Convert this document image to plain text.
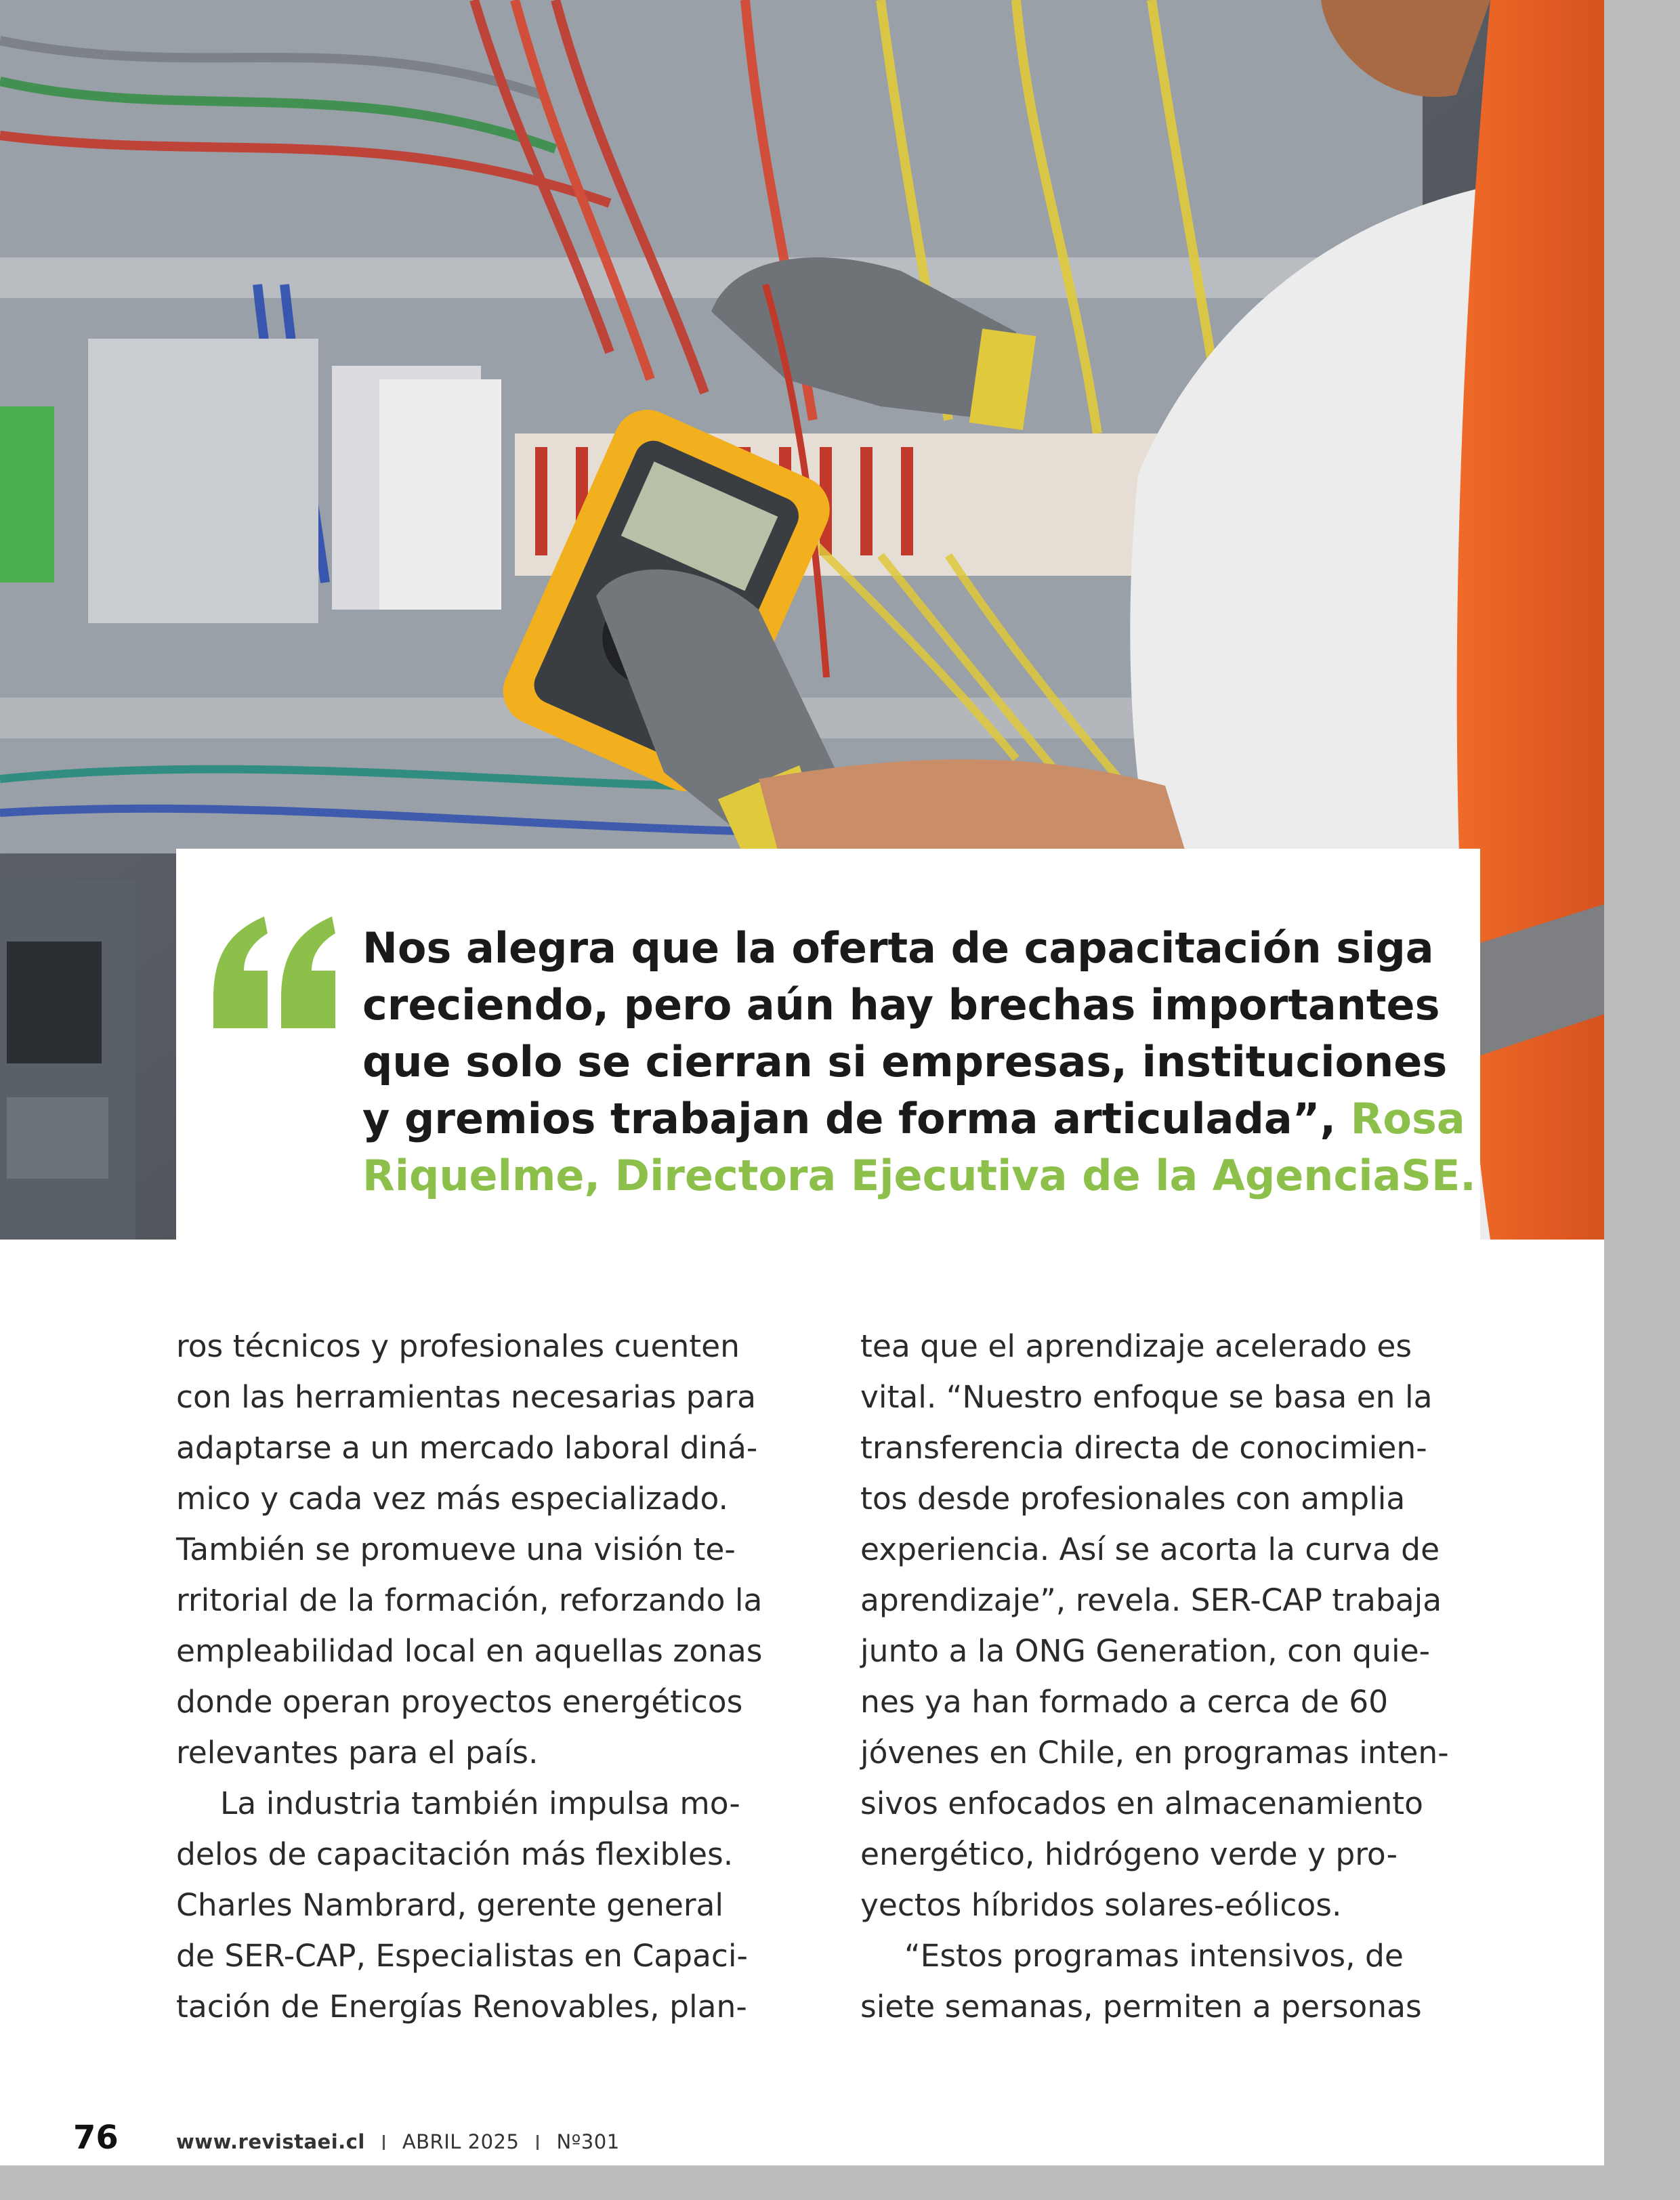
Nos alegra que la oferta de capacitación siga
creciendo, pero aún hay brechas importantes
que solo se cierran si empresas, instituciones
y gremios trabajan de forma articulada”, Rosa
Riquelme, Directora Ejecutiva de la AgenciaSE.

ros técnicos y profesionales cuenten
con las herramientas necesarias para
adaptarse a un mercado laboral diná-
mico y cada vez más especializado.
También se promueve una visión te-
rritorial de la formación, reforzando la
empleabilidad local en aquellas zonas
donde operan proyectos energéticos
relevantes para el país.

La industria también impulsa mo-
delos de capacitación más flexibles.
Charles Nambrard, gerente general
de SER-CAP, Especialistas en Capaci-
tación de Energías Renovables, plan-

tea que el aprendizaje acelerado es
vital. “Nuestro enfoque se basa en la
transferencia directa de conocimien-
tos desde profesionales con amplia
experiencia. Así se acorta la curva de
aprendizaje”, revela. SER-CAP trabaja
junto a la ONG Generation, con quie-
nes ya han formado a cerca de 60
jóvenes en Chile, en programas inten-
sivos enfocados en almacenamiento
energético, hidrógeno verde y pro-
yectos híbridos solares-eólicos.

“Estos programas intensivos, de
siete semanas, permiten a personas

76	www.revistaei.cl ABRIL 2025 Nº301
